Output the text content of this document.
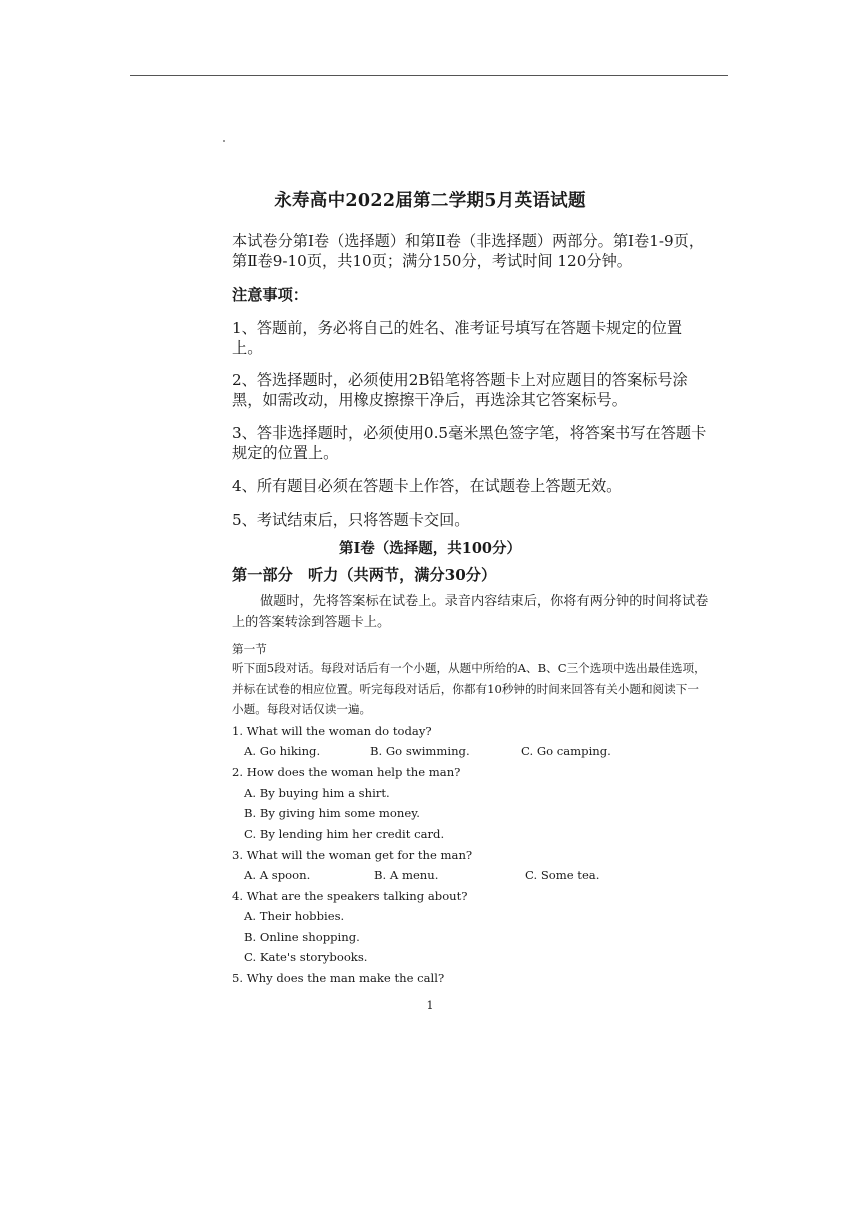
永寿高中2022届第二学期5月英语试题

本试卷分第Ⅰ卷（选择题）和第Ⅱ卷（非选择题）两部分。第Ⅰ卷1-9页，第Ⅱ卷9-10页，共10页；满分150分，考试时间 120分钟。

注意事项：

1、答题前，务必将自己的姓名、准考证号填写在答题卡规定的位置上。

2、答选择题时，必须使用2B铅笔将答题卡上对应题目的答案标号涂黑，如需改动，用橡皮擦擦干净后，再选涂其它答案标号。

3、答非选择题时，必须使用0.5毫米黑色签字笔，将答案书写在答题卡规定的位置上。

4、所有题目必须在答题卡上作答，在试题卷上答题无效。

5、考试结束后，只将答题卡交回。

第Ⅰ卷（选择题，共100分）

第一部分　听力（共两节，满分30分）

做题时，先将答案标在试卷上。录音内容结束后，你将有两分钟的时间将试卷上的答案转涂到答题卡上。

第一节

听下面5段对话。每段对话后有一个小题，从题中所给的A、B、C三个选项中选出最佳选项，并标在试卷的相应位置。听完每段对话后，你都有10秒钟的时间来回答有关小题和阅读下一小题。每段对话仅读一遍。

1. What will the woman do today?

A. Go hiking.	B. Go swimming.	C. Go camping.

2. How does the woman help the man?

A. By buying him a shirt.

B. By giving him some money.

C. By lending him her credit card.

3. What will the woman get for the man?

A. A spoon.	B. A menu.	C. Some tea.

4. What are the speakers talking about?

A. Their hobbies.

B. Online shopping.

C. Kate's storybooks.

5. Why does the man make the call?

1
